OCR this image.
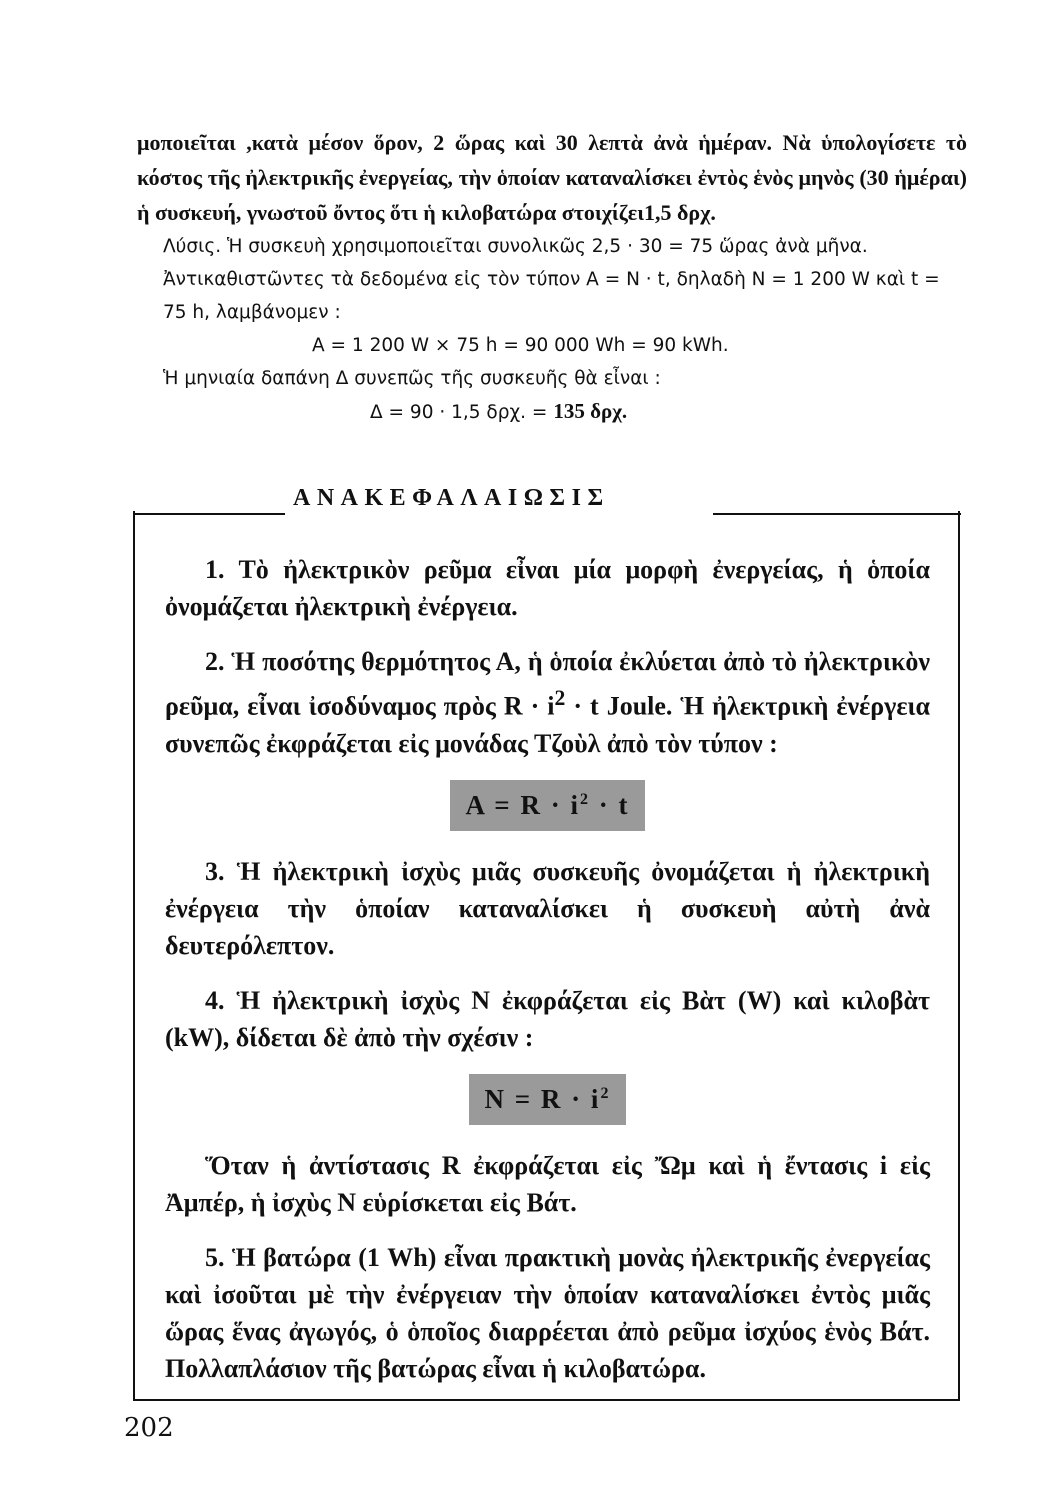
μοποιεῖται ,κατὰ μέσον ὅρον, 2 ὥρας καὶ 30 λεπτὰ ἀνὰ ἡμέραν. Νὰ ὑπολογίσετε τὸ κόστος τῆς ἠλεκτρικῆς ἐνεργείας, τὴν ὁποίαν καταναλίσκει ἐντὸς ἑνὸς μηνὸς (30 ἡμέραι) ἡ συσκευή, γνωστοῦ ὄντος ὅτι ἡ κιλοβατώρα στοιχίζει1,5 δρχ.
Λύσις. Ἡ συσκευὴ χρησιμοποιεῖται συνολικῶς 2,5 · 30 = 75 ὥρας ἀνὰ μῆνα.
Ἀντικαθιστῶντες τὰ δεδομένα εἰς τὸν τύπον Α = Ν · t, δηλαδὴ Ν = 1 200 W καὶ t = 75 h, λαμβάνομεν :
Α = 1 200 W × 75 h = 90 000 Wh = 90 kWh.
Ἡ μηνιαία δαπάνη Δ συνεπῶς τῆς συσκευῆς θὰ εἶναι :
Δ = 90 · 1,5 δρχ. = 135 δρχ.
ΑΝΑΚΕΦΑΛΑΙΩΣΙΣ

1. Τὸ ἠλεκτρικὸν ρεῦμα εἶναι μία μορφὴ ἐνεργείας, ἡ ὁποία ὀνομάζεται ἠλεκτρικὴ ἐνέργεια.

2. Ἡ ποσότης θερμότητος Α, ἡ ὁποία ἐκλύεται ἀπὸ τὸ ἠλεκτρικὸν ρεῦμα, εἶναι ἰσοδύναμος πρὸς $R \cdot i^2 \cdot t$ Joule. Ἡ ἠλεκτρικὴ ἐνέργεια συνεπῶς ἐκφράζεται εἰς μονάδας Τζοὺλ ἀπὸ τὸν τύπον :

$A = R \cdot i^2 \cdot t$

3. Ἡ ἠλεκτρικὴ ἰσχὺς μιᾶς συσκευῆς ὀνομάζεται ἡ ἠλεκτρικὴ ἐνέργεια τὴν ὁποίαν καταναλίσκει ἡ συσκευὴ αὐτὴ ἀνὰ δευτερόλεπτον.

4. Ἡ ἠλεκτρικὴ ἰσχὺς Ν ἐκφράζεται εἰς Βὰτ (W) καὶ κιλοβὰτ (kW), δίδεται δὲ ἀπὸ τὴν σχέσιν :

$N = R \cdot i^2$

Ὅταν ἡ ἀντίστασις R ἐκφράζεται εἰς Ὤμ καὶ ἡ ἔντασις i εἰς Ἀμπέρ, ἡ ἰσχὺς Ν εὑρίσκεται εἰς Βάτ.

5. Ἡ βατώρα (1 Wh) εἶναι πρακτικὴ μονὰς ἠλεκτρικῆς ἐνεργείας καὶ ἰσοῦται μὲ τὴν ἐνέργειαν τὴν ὁποίαν καταναλίσκει ἐντὸς μιᾶς ὥρας ἕνας ἀγωγός, ὁ ὁποῖος διαρρέεται ἀπὸ ρεῦμα ἰσχύος ἑνὸς Βάτ. Πολλαπλάσιον τῆς βατώρας εἶναι ἡ κιλοβατώρα.

202
